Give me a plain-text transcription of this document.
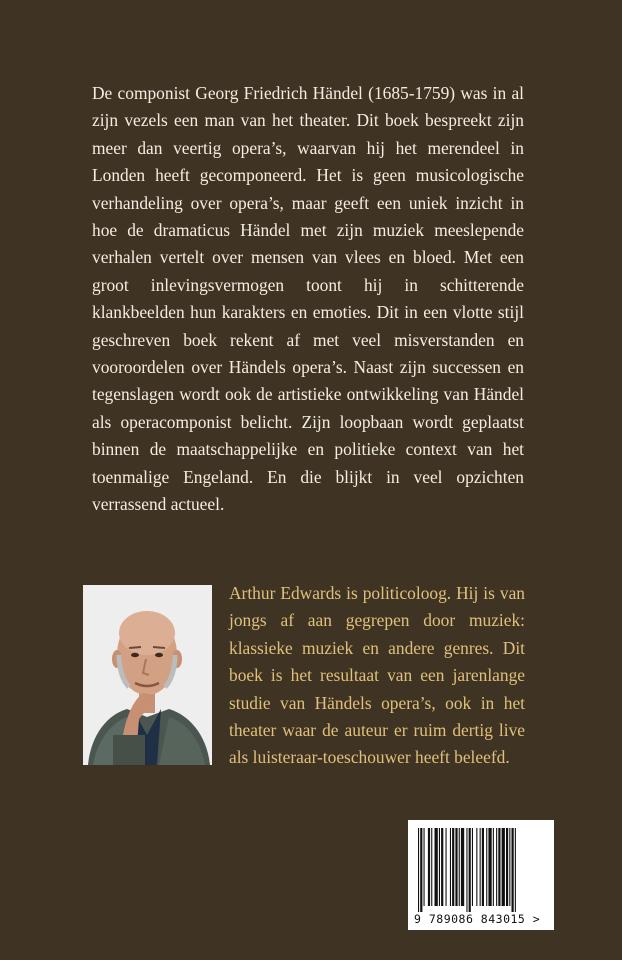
De componist Georg Friedrich Händel (1685-1759) was in al zijn vezels een man van het theater. Dit boek bespreekt zijn meer dan veertig opera’s, waarvan hij het merendeel in Londen heeft gecomponeerd. Het is geen musicologische verhandeling over opera’s, maar geeft een uniek inzicht in hoe de dramaticus Händel met zijn muziek meeslepende verhalen vertelt over mensen van vlees en bloed. Met een groot inlevingsvermogen toont hij in schitterende klankbeelden hun karakters en emoties. Dit in een vlotte stijl geschreven boek rekent af met veel misverstanden en vooroordelen over Händels opera’s. Naast zijn successen en tegenslagen wordt ook de artistieke ontwikkeling van Händel als operacomponist belicht. Zijn loopbaan wordt geplaatst binnen de maatschappelijke en politieke context van het toenmalige Engeland. En die blijkt in veel opzichten verrassend actueel.

Arthur Edwards is politicoloog. Hij is van jongs af aan gegrepen door muziek: klassieke muziek en andere genres. Dit boek is het resultaat van een jarenlange studie van Händels opera’s, ook in het theater waar de auteur er ruim dertig live als luisteraar-toeschouwer heeft beleefd.

9 789086 843015 >
